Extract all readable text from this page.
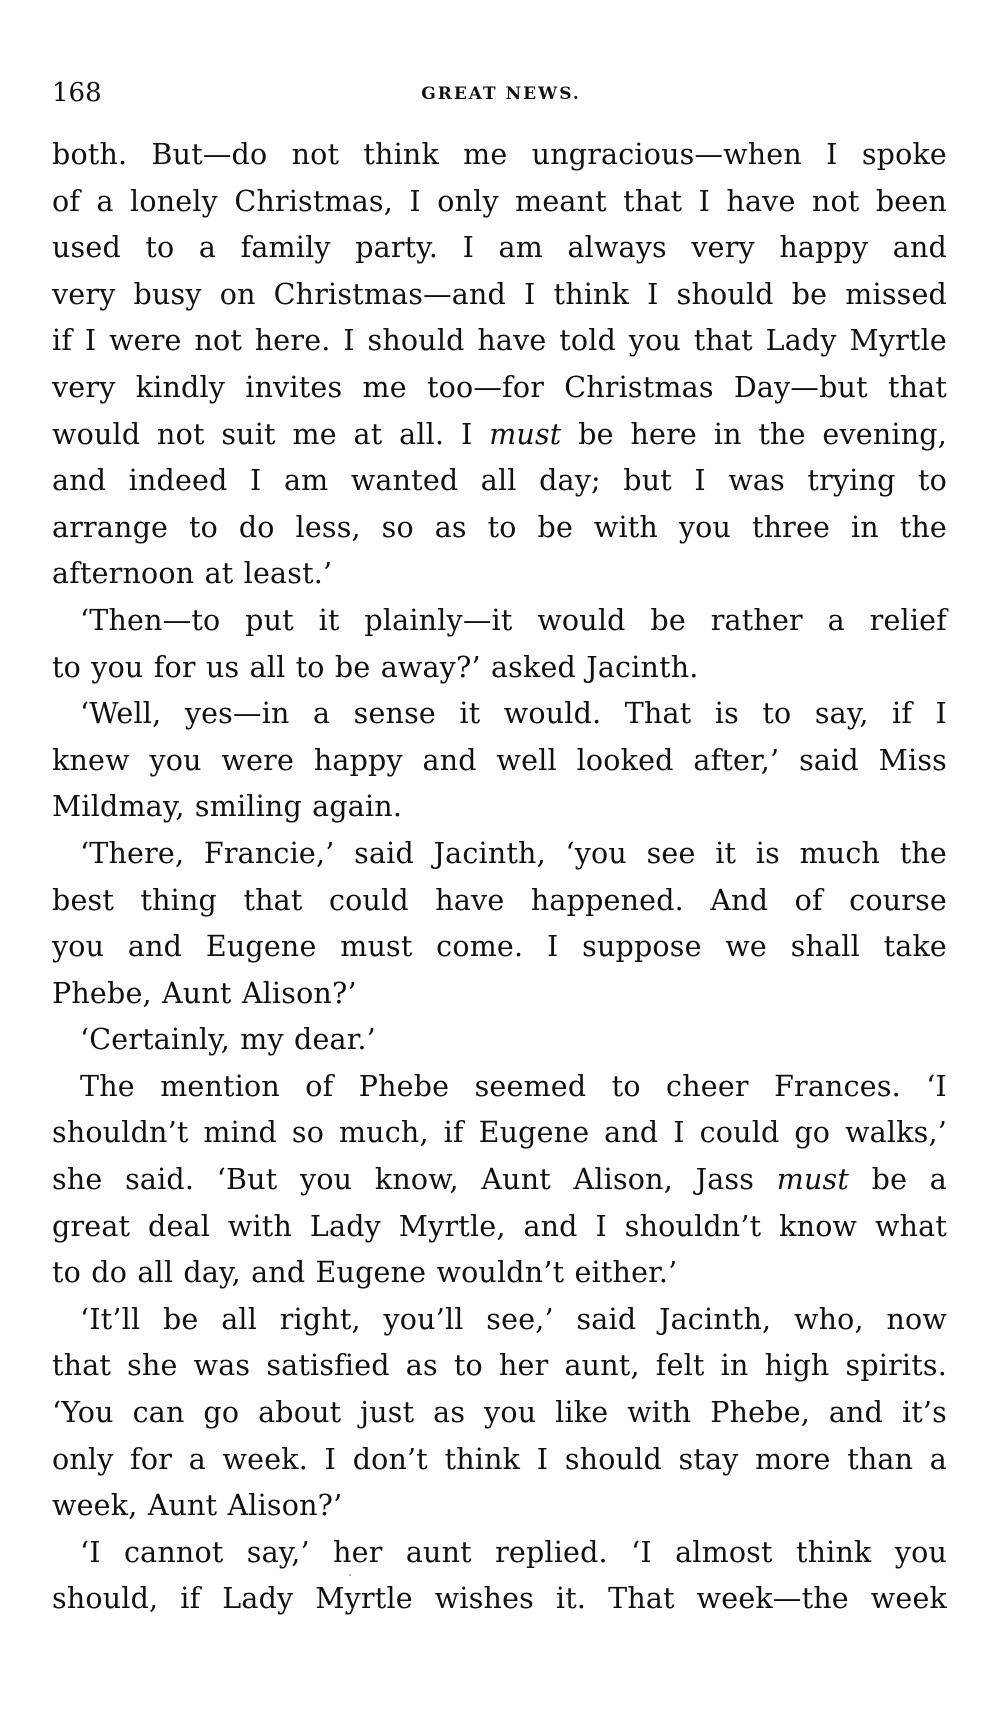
168	GREAT NEWS.
both. But—do not think me ungracious—when I spoke
of a lonely Christmas, I only meant that I have not been
used to a family party. I am always very happy and
very busy on Christmas—and I think I should be missed
if I were not here. I should have told you that Lady Myrtle
very kindly invites me too—for Christmas Day—but that
would not suit me at all. I must be here in the evening,
and indeed I am wanted all day; but I was trying to
arrange to do less, so as to be with you three in the
afternoon at least.’
‘Then—to put it plainly—it would be rather a relief
to you for us all to be away?’ asked Jacinth.
‘Well, yes—in a sense it would. That is to say, if I
knew you were happy and well looked after,’ said Miss
Mildmay, smiling again.
‘There, Francie,’ said Jacinth, ‘you see it is much the
best thing that could have happened. And of course
you and Eugene must come. I suppose we shall take
Phebe, Aunt Alison?’
‘Certainly, my dear.’
The mention of Phebe seemed to cheer Frances. ‘I
shouldn’t mind so much, if Eugene and I could go walks,’
she said. ‘But you know, Aunt Alison, Jass must be a
great deal with Lady Myrtle, and I shouldn’t know what
to do all day, and Eugene wouldn’t either.’
‘It’ll be all right, you’ll see,’ said Jacinth, who, now
that she was satisfied as to her aunt, felt in high spirits.
‘You can go about just as you like with Phebe, and it’s
only for a week. I don’t think I should stay more than a
week, Aunt Alison?’
‘I cannot say,’ her aunt replied. ‘I almost think you
should, if Lady Myrtle wishes it. That week—the week
